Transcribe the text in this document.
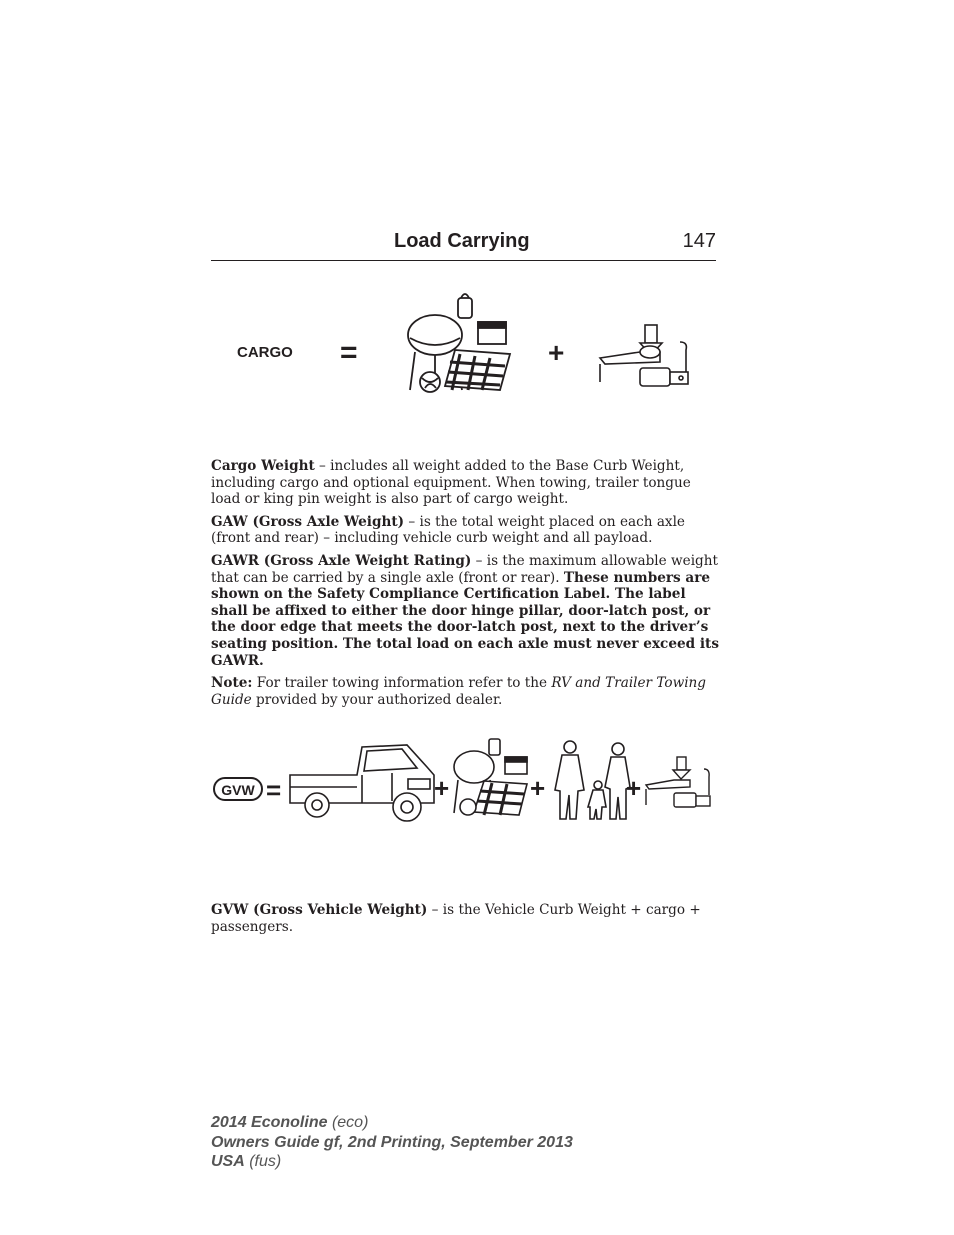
Load Carrying	147
CARGO =	+

Cargo Weight – includes all weight added to the Base Curb Weight, including cargo and optional equipment. When towing, trailer tongue load or king pin weight is also part of cargo weight.

GAW (Gross Axle Weight) – is the total weight placed on each axle (front and rear) – including vehicle curb weight and all payload.

GAWR (Gross Axle Weight Rating) – is the maximum allowable weight that can be carried by a single axle (front or rear). These numbers are shown on the Safety Compliance Certification Label. The label shall be affixed to either the door hinge pillar, door-latch post, or the door edge that meets the door-latch post, next to the driver’s seating position. The total load on each axle must never exceed its GAWR.

Note: For trailer towing information refer to the RV and Trailer Towing Guide provided by your authorized dealer.

GVW =	+	+	+

GVW (Gross Vehicle Weight) – is the Vehicle Curb Weight + cargo + passengers.

2014 Econoline (eco)
Owners Guide gf, 2nd Printing, September 2013
USA (fus)
